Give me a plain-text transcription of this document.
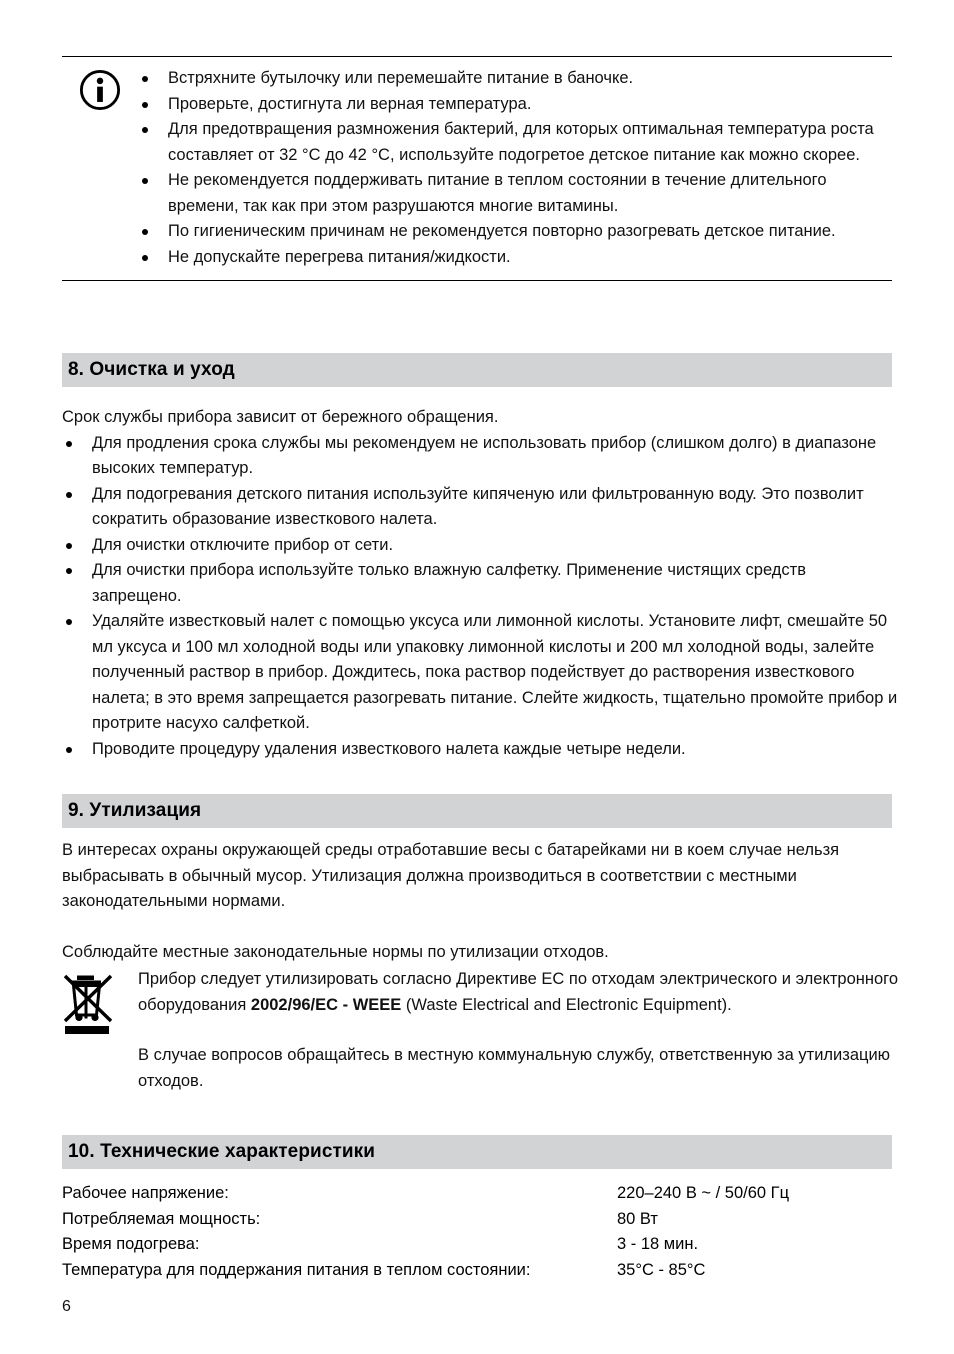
Встряхните бутылочку или перемешайте питание в баночке.
Проверьте, достигнута ли верная температура.
Для предотвращения размножения бактерий, для которых оптимальная температура роста составляет от 32 °C до 42 °C, используйте подогретое детское питание как можно скорее.
Не рекомендуется поддерживать питание в теплом состоянии в течение длительного времени, так как при этом разрушаются многие витамины.
По гигиеническим причинам не рекомендуется повторно разогревать детское питание.
Не допускайте перегрева питания/жидкости.
8. Очистка и уход

Срок службы прибора зависит от бережного обращения.

Для продления срока службы мы рекомендуем не использовать прибор (слишком долго) в диапазоне высоких температур.
Для подогревания детского питания используйте кипяченую или фильтрованную воду. Это позволит сократить образование известкового налета.
Для очистки отключите прибор от сети.
Для очистки прибора используйте только влажную салфетку. Применение чистящих средств запрещено.
Удаляйте известковый налет с помощью уксуса или лимонной кислоты. Установите лифт, смешайте 50 мл уксуса и 100 мл холодной воды или упаковку лимонной кислоты и 200 мл холодной воды, залейте полученный раствор в прибор. Дождитесь, пока раствор подействует до растворения известкового налета; в это время запрещается разогревать питание. Слейте жидкость, тщательно промойте прибор и протрите насухо салфеткой.
Проводите процедуру удаления известкового налета каждые четыре недели.
9. Утилизация

В интересах охраны окружающей среды отработавшие весы с батарейками ни в коем случае нельзя выбрасывать в обычный мусор. Утилизация должна производиться в соответствии с местными законодательными нормами.

Соблюдайте местные законодательные нормы по утилизации отходов.

Прибор следует утилизировать согласно Директиве ЕС по отходам электрического и электронного оборудования 2002/96/EC - WEEE (Waste Electrical and Electronic Equipment).

В случае вопросов обращайтесь в местную коммунальную службу, ответственную за утилизацию отходов.

10. Технические характеристики
Рабочее напряжение:	220–240 В ~ / 50/60 Гц
Потребляемая мощность:	80 Вт
Время подогрева:	3 - 18 мин.
Температура для поддержания питания в теплом состоянии:	35°C - 85°C
6
